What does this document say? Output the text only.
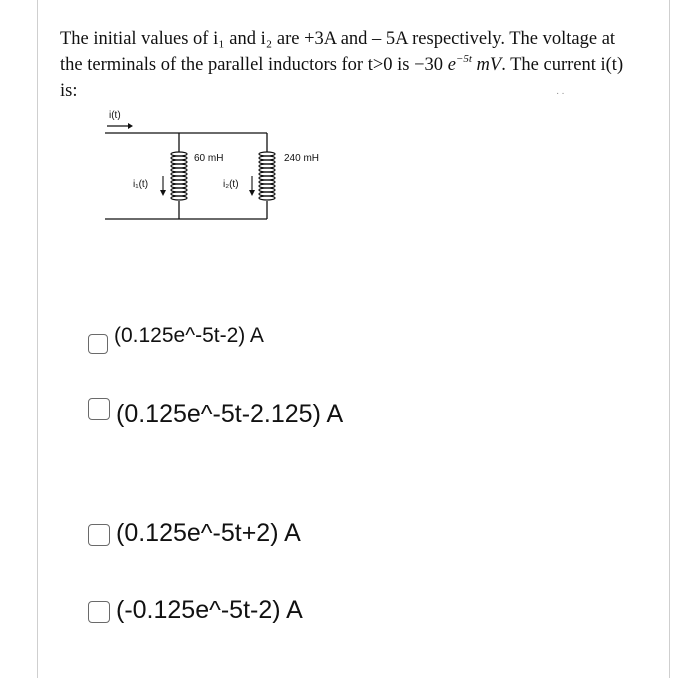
The initial values of i₁ and i₂ are +3A and – 5A respectively. The voltage at
the terminals of the parallel inductors for t>0 is −30 $e^{-5t}$ mV. The current i(t)
is:	··
i(t)
60 mH	240 mH
i₁(t)	i₂(t)
(0.125e^-5t-2) A
(0.125e^-5t-2.125) A
(0.125e^-5t+2) A
(-0.125e^-5t-2) A
